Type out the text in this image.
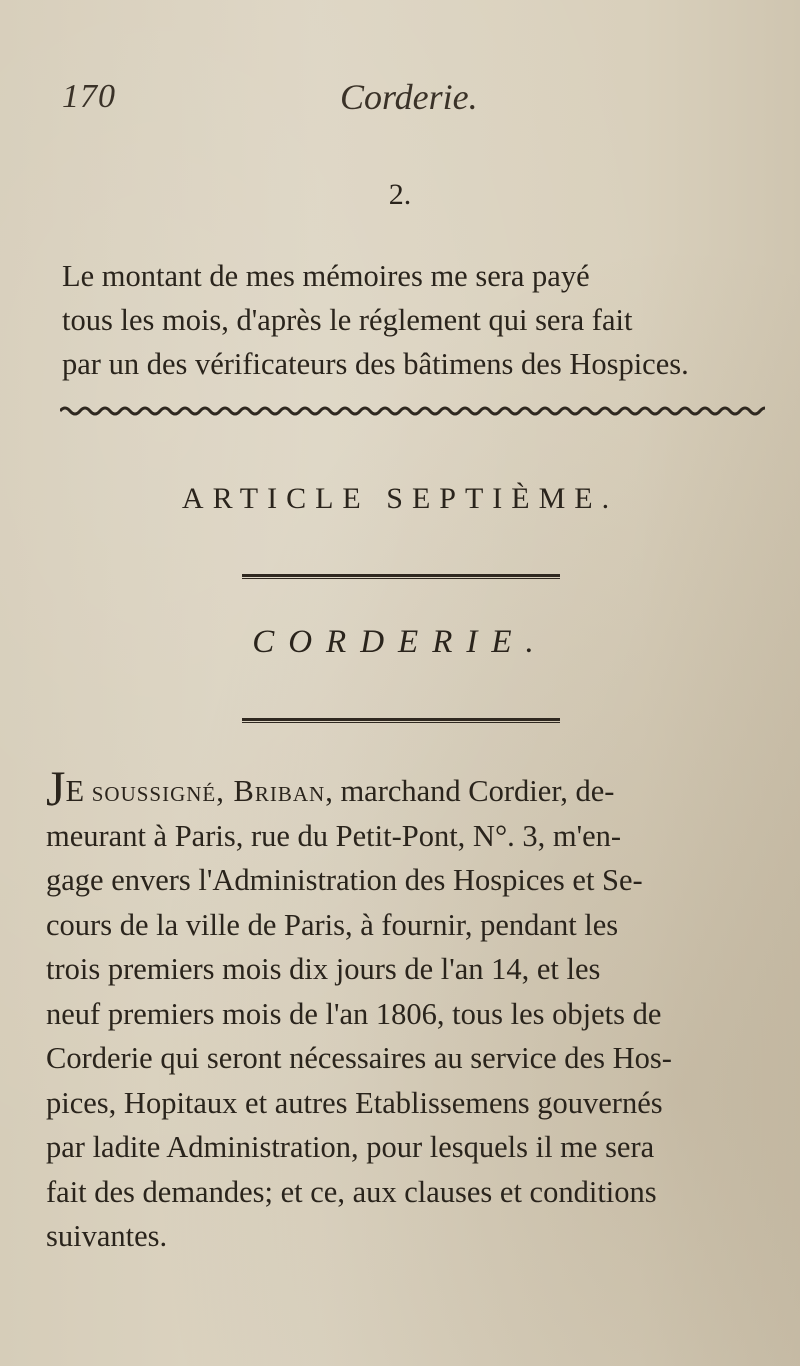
170	Corderie.
2.
Le montant de mes mémoires me sera payé
tous les mois, d'après le réglement qui sera fait
par un des vérificateurs des bâtimens des Hospices.
ARTICLE SEPTIÈME.
CORDERIE.
JE soussigné, Briban, marchand Cordier, de-
meurant à Paris, rue du Petit-Pont, N°. 3, m'en-
gage envers l'Administration des Hospices et Se-
cours de la ville de Paris, à fournir, pendant les
trois premiers mois dix jours de l'an 14, et les
neuf premiers mois de l'an 1806, tous les objets de
Corderie qui seront nécessaires au service des Hos-
pices, Hopitaux et autres Etablissemens gouvernés
par ladite Administration, pour lesquels il me sera
fait des demandes; et ce, aux clauses et conditions
suivantes.
